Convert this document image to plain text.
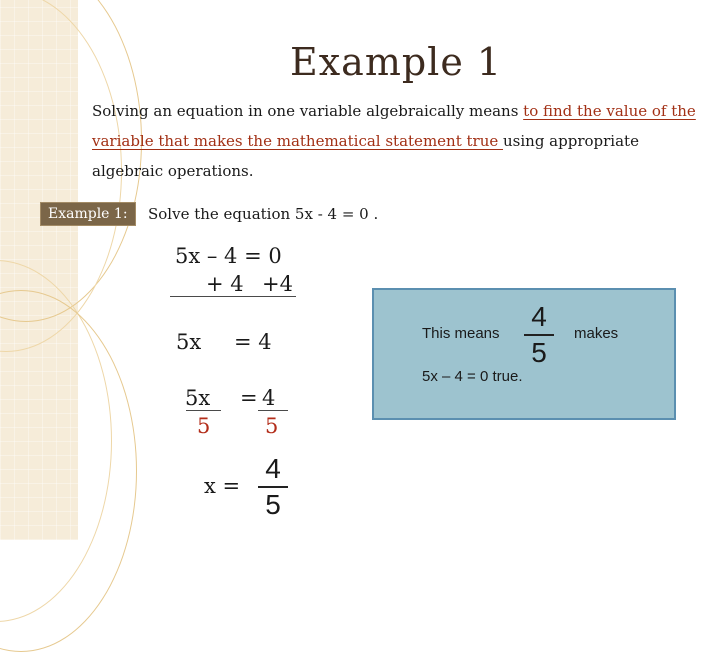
Example 1
Solving an equation in one variable algebraically means to find the value of the variable that makes the mathematical statement true using appropriate algebraic operations.
Example 1:	Solve the equation 5x - 4 = 0 .
5x – 4 = 0
+ 4 +4
5x = 4
5x
5
= 4
5
x =
4
5
This means
4
5
makes
5x – 4 = 0 true.
